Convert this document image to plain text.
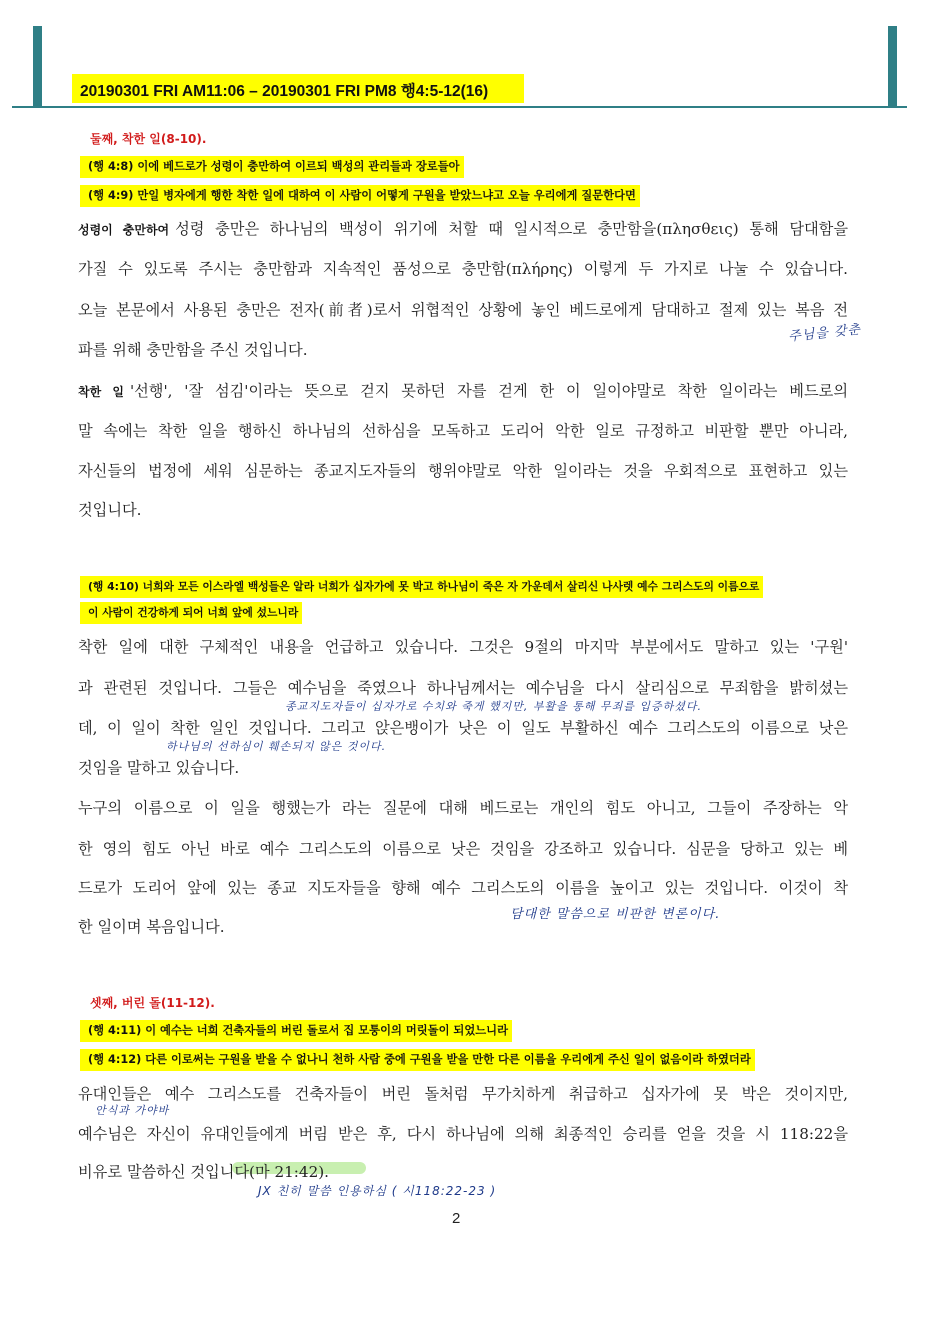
20190301 FRI AM11:06 – 20190301 FRI PM8 행4:5-12(16)
둘째, 착한 일(8-10).
(행 4:8) 이에 베드로가 성령이 충만하여 이르되 백성의 관리들과 장로들아
(행 4:9) 만일 병자에게 행한 착한 일에 대하여 이 사람이 어떻게 구원을 받았느냐고 오늘 우리에게 질문한다면
성령이 충만하여 성령 충만은 하나님의 백성이 위기에 처할 때 일시적으로 충만함을(πλησθεις) 통해 담대함을
가질 수 있도록 주시는 충만함과 지속적인 품성으로 충만함(πλήρης) 이렇게 두 가지로 나눌 수 있습니다.
오늘 본문에서 사용된 충만은 전자(前者)로서 위협적인 상황에 놓인 베드로에게 담대하고 절제 있는 복음 전
파를 위해 충만함을 주신 것입니다.
주님을 갖춘
착한 일 '선행', '잘 섬김'이라는 뜻으로 걷지 못하던 자를 걷게 한 이 일이야말로 착한 일이라는 베드로의
말 속에는 착한 일을 행하신 하나님의 선하심을 모독하고 도리어 악한 일로 규정하고 비판할 뿐만 아니라,
자신들의 법정에 세워 심문하는 종교지도자들의 행위야말로 악한 일이라는 것을 우회적으로 표현하고 있는
것입니다.
(행 4:10) 너희와 모든 이스라엘 백성들은 알라 너희가 십자가에 못 박고 하나님이 죽은 자 가운데서 살리신 나사렛 예수 그리스도의 이름으로
이 사람이 건강하게 되어 너희 앞에 섰느니라
착한 일에 대한 구체적인 내용을 언급하고 있습니다. 그것은 9절의 마지막 부분에서도 말하고 있는 '구원'
과 관련된 것입니다. 그들은 예수님을 죽였으나 하나님께서는 예수님을 다시 살리심으로 무죄함을 밝히셨는
종교지도자들이 십자가로 수치와 죽게 했지만, 부활을 통해 무죄를 입증하셨다.
데, 이 일이 착한 일인 것입니다. 그리고 앉은뱅이가 낫은 이 일도 부활하신 예수 그리스도의 이름으로 낫은
하나님의 선하심이 훼손되지 않은 것이다.
것임을 말하고 있습니다.
누구의 이름으로 이 일을 행했는가 라는 질문에 대해 베드로는 개인의 힘도 아니고, 그들이 주장하는 악
한 영의 힘도 아닌 바로 예수 그리스도의 이름으로 낫은 것임을 강조하고 있습니다. 심문을 당하고 있는 베
드로가 도리어 앞에 있는 종교 지도자들을 향해 예수 그리스도의 이름을 높이고 있는 것입니다. 이것이 착
한 일이며 복음입니다.
담대한 말씀으로 비판한 변론이다.
셋째, 버린 돌(11-12).
(행 4:11) 이 예수는 너희 건축자들의 버린 돌로서 집 모퉁이의 머릿돌이 되었느니라
(행 4:12) 다른 이로써는 구원을 받을 수 없나니 천하 사람 중에 구원을 받을 만한 다른 이름을 우리에게 주신 일이 없음이라 하였더라
유대인들은 예수 그리스도를 건축자들이 버린 돌처럼 무가치하게 취급하고 십자가에 못 박은 것이지만,
안식과 가야바
예수님은 자신이 유대인들에게 버림 받은 후, 다시 하나님에 의해 최종적인 승리를 얻을 것을 시 118:22을
비유로 말씀하신 것입니다(마 21:42).
JX 친히 말씀 인용하심 ( 시118:22-23 )
2
